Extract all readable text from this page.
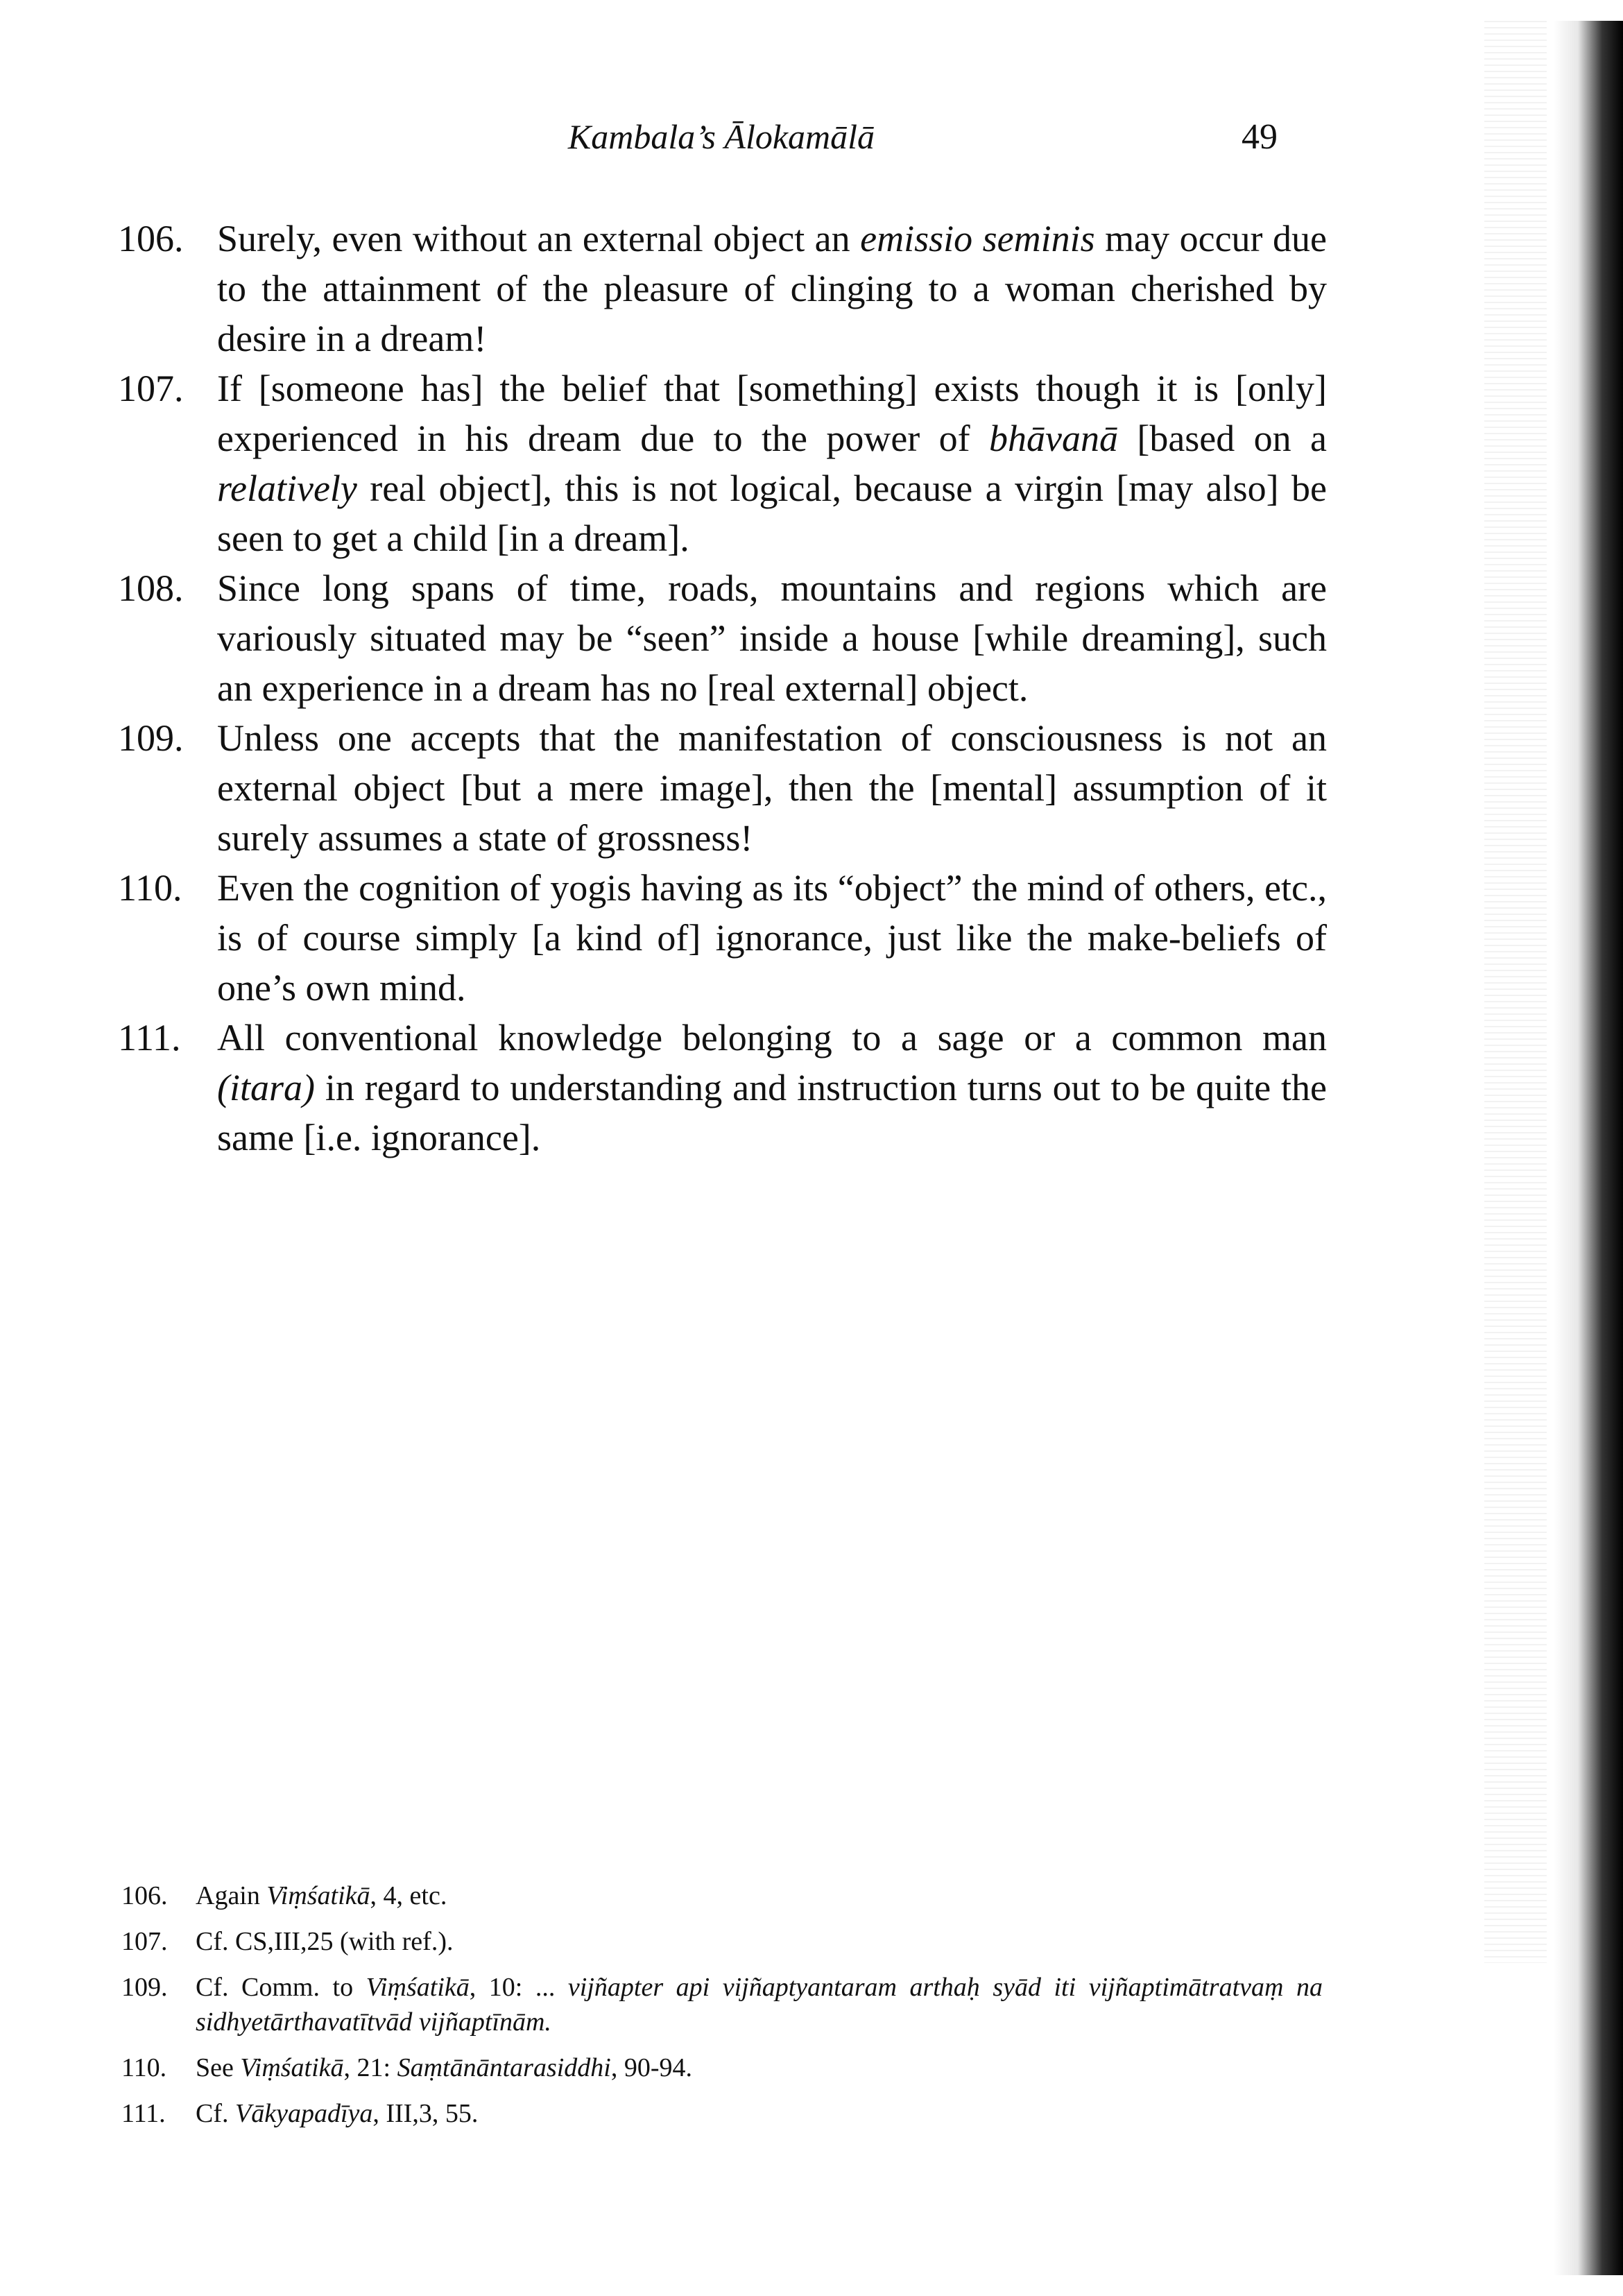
Kambala’s Ālokamālā	49
106. Surely, even without an external object an emissio seminis may occur due to the attainment of the pleasure of clinging to a woman cherished by desire in a dream!
107. If [someone has] the belief that [something] exists though it is [only] experienced in his dream due to the power of bhāvanā [based on a relatively real object], this is not logical, because a virgin [may also] be seen to get a child [in a dream].
108. Since long spans of time, roads, mountains and regions which are variously situated may be “seen” inside a house [while dreaming], such an experience in a dream has no [real external] object.
109. Unless one accepts that the manifestation of consciousness is not an external object [but a mere image], then the [mental] assumption of it surely assumes a state of grossness!
110. Even the cognition of yogis having as its “object” the mind of others, etc., is of course simply [a kind of] ignorance, just like the make-beliefs of one’s own mind.
111. All conventional knowledge belonging to a sage or a common man (itara) in regard to understanding and instruction turns out to be quite the same [i.e. ignorance].
106. Again Viṃśatikā, 4, etc.
107. Cf. CS,III,25 (with ref.).
109. Cf. Comm. to Viṃśatikā, 10: ... vijñapter api vijñaptyantaram arthaḥ syād iti vijñaptimātratvaṃ na sidhyetārthavatītvād vijñaptīnām.
110. See Viṃśatikā, 21: Saṃtānāntarasiddhi, 90-94.
111. Cf. Vākyapadīya, III,3, 55.
